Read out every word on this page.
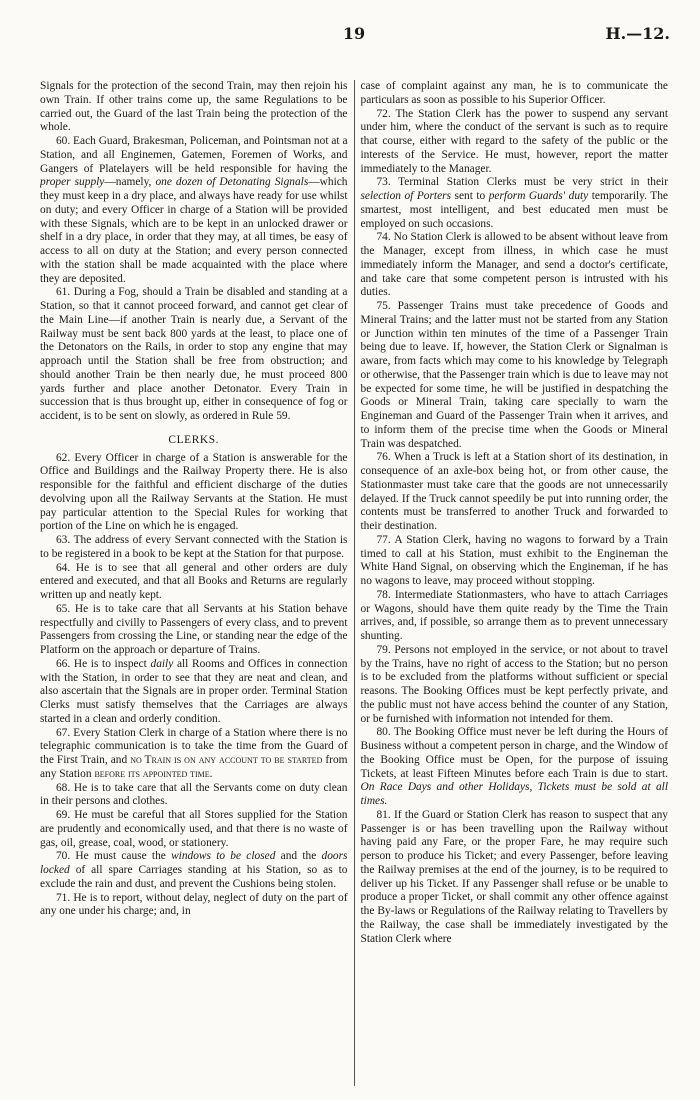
19	H.—12.

Signals for the protection of the second Train, may then rejoin his own Train. If other trains come up, the same Regulations to be carried out, the Guard of the last Train being the protection of the whole.

60. Each Guard, Brakesman, Policeman, and Pointsman not at a Station, and all Enginemen, Gatemen, Foremen of Works, and Gangers of Platelayers will be held responsible for having the proper supply—namely, one dozen of Detonating Signals—which they must keep in a dry place, and always have ready for use whilst on duty; and every Officer in charge of a Station will be provided with these Signals, which are to be kept in an unlocked drawer or shelf in a dry place, in order that they may, at all times, be easy of access to all on duty at the Station; and every person connected with the station shall be made acquainted with the place where they are deposited.

61. During a Fog, should a Train be disabled and standing at a Station, so that it cannot proceed forward, and cannot get clear of the Main Line—if another Train is nearly due, a Servant of the Railway must be sent back 800 yards at the least, to place one of the Detonators on the Rails, in order to stop any engine that may approach until the Station shall be free from obstruction; and should another Train be then nearly due, he must proceed 800 yards further and place another Detonator. Every Train in succession that is thus brought up, either in consequence of fog or accident, is to be sent on slowly, as ordered in Rule 59.

CLERKS.

62. Every Officer in charge of a Station is answerable for the Office and Buildings and the Railway Property there. He is also responsible for the faithful and efficient discharge of the duties devolving upon all the Railway Servants at the Station. He must pay particular attention to the Special Rules for working that portion of the Line on which he is engaged.

63. The address of every Servant connected with the Station is to be registered in a book to be kept at the Station for that purpose.

64. He is to see that all general and other orders are duly entered and executed, and that all Books and Returns are regularly written up and neatly kept.

65. He is to take care that all Servants at his Station behave respectfully and civilly to Passengers of every class, and to prevent Passengers from crossing the Line, or standing near the edge of the Platform on the approach or departure of Trains.

66. He is to inspect daily all Rooms and Offices in connection with the Station, in order to see that they are neat and clean, and also ascertain that the Signals are in proper order. Terminal Station Clerks must satisfy themselves that the Carriages are always started in a clean and orderly condition.

67. Every Station Clerk in charge of a Station where there is no telegraphic communication is to take the time from the Guard of the First Train, and no Train is on any account to be started from any Station before its appointed time.

68. He is to take care that all the Servants come on duty clean in their persons and clothes.

69. He must be careful that all Stores supplied for the Station are prudently and economically used, and that there is no waste of gas, oil, grease, coal, wood, or stationery.

70. He must cause the windows to be closed and the doors locked of all spare Carriages standing at his Station, so as to exclude the rain and dust, and prevent the Cushions being stolen.

71. He is to report, without delay, neglect of duty on the part of any one under his charge; and, in

case of complaint against any man, he is to communicate the particulars as soon as possible to his Superior Officer.

72. The Station Clerk has the power to suspend any servant under him, where the conduct of the servant is such as to require that course, either with regard to the safety of the public or the interests of the Service. He must, however, report the matter immediately to the Manager.

73. Terminal Station Clerks must be very strict in their selection of Porters sent to perform Guards' duty temporarily. The smartest, most intelligent, and best educated men must be employed on such occasions.

74. No Station Clerk is allowed to be absent without leave from the Manager, except from illness, in which case he must immediately inform the Manager, and send a doctor's certificate, and take care that some competent person is intrusted with his duties.

75. Passenger Trains must take precedence of Goods and Mineral Trains; and the latter must not be started from any Station or Junction within ten minutes of the time of a Passenger Train being due to leave. If, however, the Station Clerk or Signalman is aware, from facts which may come to his knowledge by Telegraph or otherwise, that the Passenger train which is due to leave may not be expected for some time, he will be justified in despatching the Goods or Mineral Train, taking care specially to warn the Engineman and Guard of the Passenger Train when it arrives, and to inform them of the precise time when the Goods or Mineral Train was despatched.

76. When a Truck is left at a Station short of its destination, in consequence of an axle-box being hot, or from other cause, the Stationmaster must take care that the goods are not unnecessarily delayed. If the Truck cannot speedily be put into running order, the contents must be transferred to another Truck and forwarded to their destination.

77. A Station Clerk, having no wagons to forward by a Train timed to call at his Station, must exhibit to the Engineman the White Hand Signal, on observing which the Engineman, if he has no wagons to leave, may proceed without stopping.

78. Intermediate Stationmasters, who have to attach Carriages or Wagons, should have them quite ready by the Time the Train arrives, and, if possible, so arrange them as to prevent unnecessary shunting.

79. Persons not employed in the service, or not about to travel by the Trains, have no right of access to the Station; but no person is to be excluded from the platforms without sufficient or special reasons. The Booking Offices must be kept perfectly private, and the public must not have access behind the counter of any Station, or be furnished with information not intended for them.

80. The Booking Office must never be left during the Hours of Business without a competent person in charge, and the Window of the Booking Office must be Open, for the purpose of issuing Tickets, at least Fifteen Minutes before each Train is due to start. On Race Days and other Holidays, Tickets must be sold at all times.

81. If the Guard or Station Clerk has reason to suspect that any Passenger is or has been travelling upon the Railway without having paid any Fare, or the proper Fare, he may require such person to produce his Ticket; and every Passenger, before leaving the Railway premises at the end of the journey, is to be required to deliver up his Ticket. If any Passenger shall refuse or be unable to produce a proper Ticket, or shall commit any other offence against the By-laws or Regulations of the Railway relating to Travellers by the Railway, the case shall be immediately investigated by the Station Clerk where
